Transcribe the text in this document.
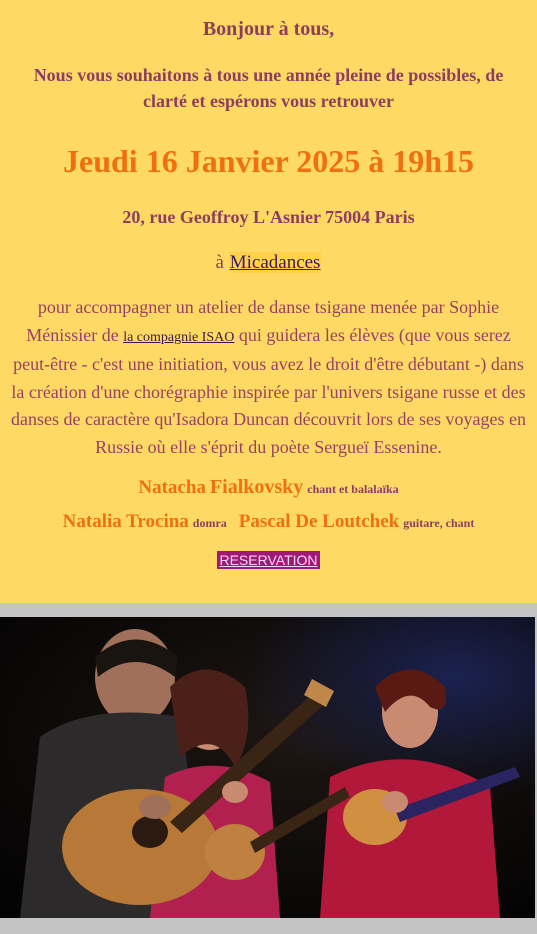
Bonjour à tous,
Nous vous souhaitons à tous une année pleine de possibles, de clarté et espérons vous retrouver
Jeudi 16 Janvier 2025 à 19h15
20, rue Geoffroy L'Asnier 75004 Paris
à Micadances
pour accompagner un atelier de danse tsigane menée par Sophie Ménissier de la compagnie ISAO qui guidera les élèves (que vous serez peut-être - c'est une initiation, vous avez le droit d'être débutant -) dans la création d'une chorégraphie inspirée par l'univers tsigane russe et des danses de caractère qu'Isadora Duncan découvrit lors de ses voyages en Russie où elle s'éprit du poète Sergueï Essenine.
Natacha Fialkovsky chant et balalaïka
Natalia Trocina domra Pascal De Loutchek guitare, chant
RESERVATION
